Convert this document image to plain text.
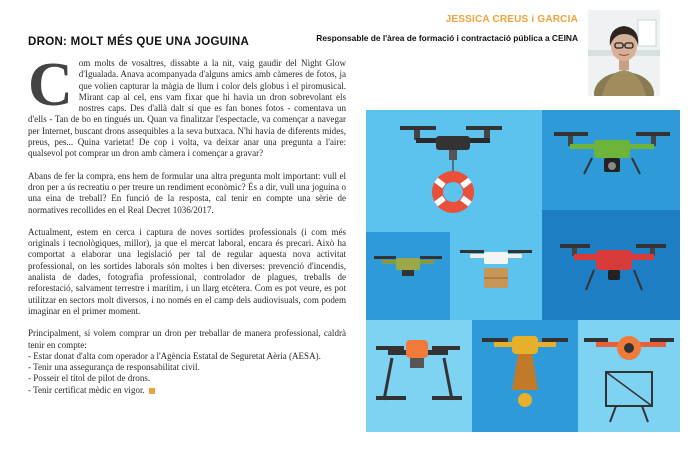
DRON: MOLT MÉS QUE UNA JOGUINA
JESSICA CREUS i GARCIA
Responsable de l'àrea de formació i contractació pública a CEINA

Com molts de vosaltres, dissabte a la nit, vaig gaudir del Night Glow d'Igualada. Anava acompanyada d'alguns amics amb càmeres de fotos, ja que volien capturar la màgia de llum i color dels globus i el piromusical. Mirant cap al cel, ens vam fixar que hi havia un dron sobrevolant els nostres caps. Des d'allà dalt sí que es fan bones fotos - comentava un d'ells - Tan de bo en tingués un. Quan va finalitzar l'espectacle, va començar a navegar per Internet, buscant drons assequibles a la seva butxaca. N'hi havia de diferents mides, preus, pes... Quina varietat! De cop i volta, va deixar anar una pregunta a l'aire: qualsevol pot comprar un dron amb càmera i començar a gravar?

Abans de fer la compra, ens hem de formular una altra pregunta molt important: vull el dron per a ús recreatiu o per treure un rendiment econòmic? És a dir, vull una joguina o una eina de treball? En funció de la resposta, cal tenir en compte una sèrie de normatives recollides en el Real Decret 1036/2017.

Actualment, estem en cerca i captura de noves sortides professionals (i com més originals i tecnològiques, millor), ja que el mercat laboral, encara és precari. Això ha comportat a elaborar una legislació per tal de regular aquesta nova activitat professional, on les sortides laborals són moltes i ben diverses: prevenció d'incendis, analista de dades, fotografia professional, controlador de plagues, treballs de reforestació, salvament terrestre i marítim, i un llarg etcètera. Com es pot veure, es pot utilitzar en sectors molt diversos, i no només en el camp dels audiovisuals, com podem imaginar en el primer moment.

Principalment, si volem comprar un dron per treballar de manera professional, caldrà tenir en compte:
- Estar donat d'alta com operador a l'Agència Estatal de Seguretat Aèria (AESA).
- Tenir una assegurança de responsabilitat civil.
- Posseir el títol de pilot de drons.
- Tenir certificat mèdic en vigor.
